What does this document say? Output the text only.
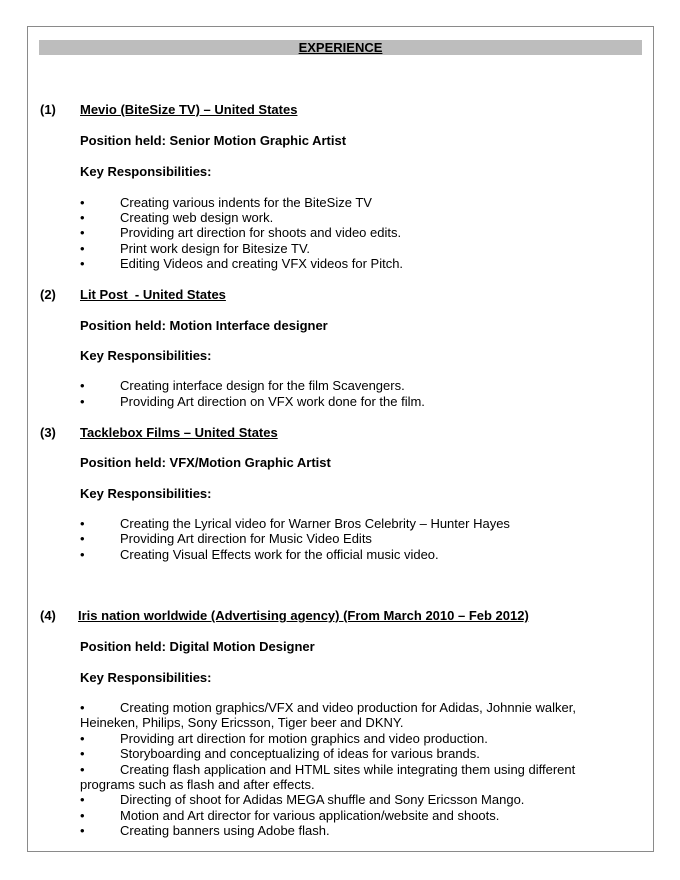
EXPERIENCE
(1) Mevio (BiteSize TV) – United States
Position held: Senior Motion Graphic Artist
Key Responsibilities:
•	Creating various indents for the BiteSize TV
•	Creating web design work.
•	Providing art direction for shoots and video edits.
•	Print work design for Bitesize TV.
•	Editing Videos and creating VFX videos for Pitch.
(2) Lit Post  - United States
Position held: Motion Interface designer
Key Responsibilities:
•	Creating interface design for the film Scavengers.
•	Providing Art direction on VFX work done for the film.
(3) Tacklebox Films – United States
Position held: VFX/Motion Graphic Artist
Key Responsibilities:
•	Creating the Lyrical video for Warner Bros Celebrity – Hunter Hayes
•	Providing Art direction for Music Video Edits
•	Creating Visual Effects work for the official music video.
(4) Iris nation worldwide (Advertising agency) (From March 2010 – Feb 2012)
Position held: Digital Motion Designer
Key Responsibilities:
•	Creating motion graphics/VFX and video production for Adidas, Johnnie walker,
Heineken, Philips, Sony Ericsson, Tiger beer and DKNY.
•	Providing art direction for motion graphics and video production.
•	Storyboarding and conceptualizing of ideas for various brands.
•	Creating flash application and HTML sites while integrating them using different
programs such as flash and after effects.
•	Directing of shoot for Adidas MEGA shuffle and Sony Ericsson Mango.
•	Motion and Art director for various application/website and shoots.
•	Creating banners using Adobe flash.
